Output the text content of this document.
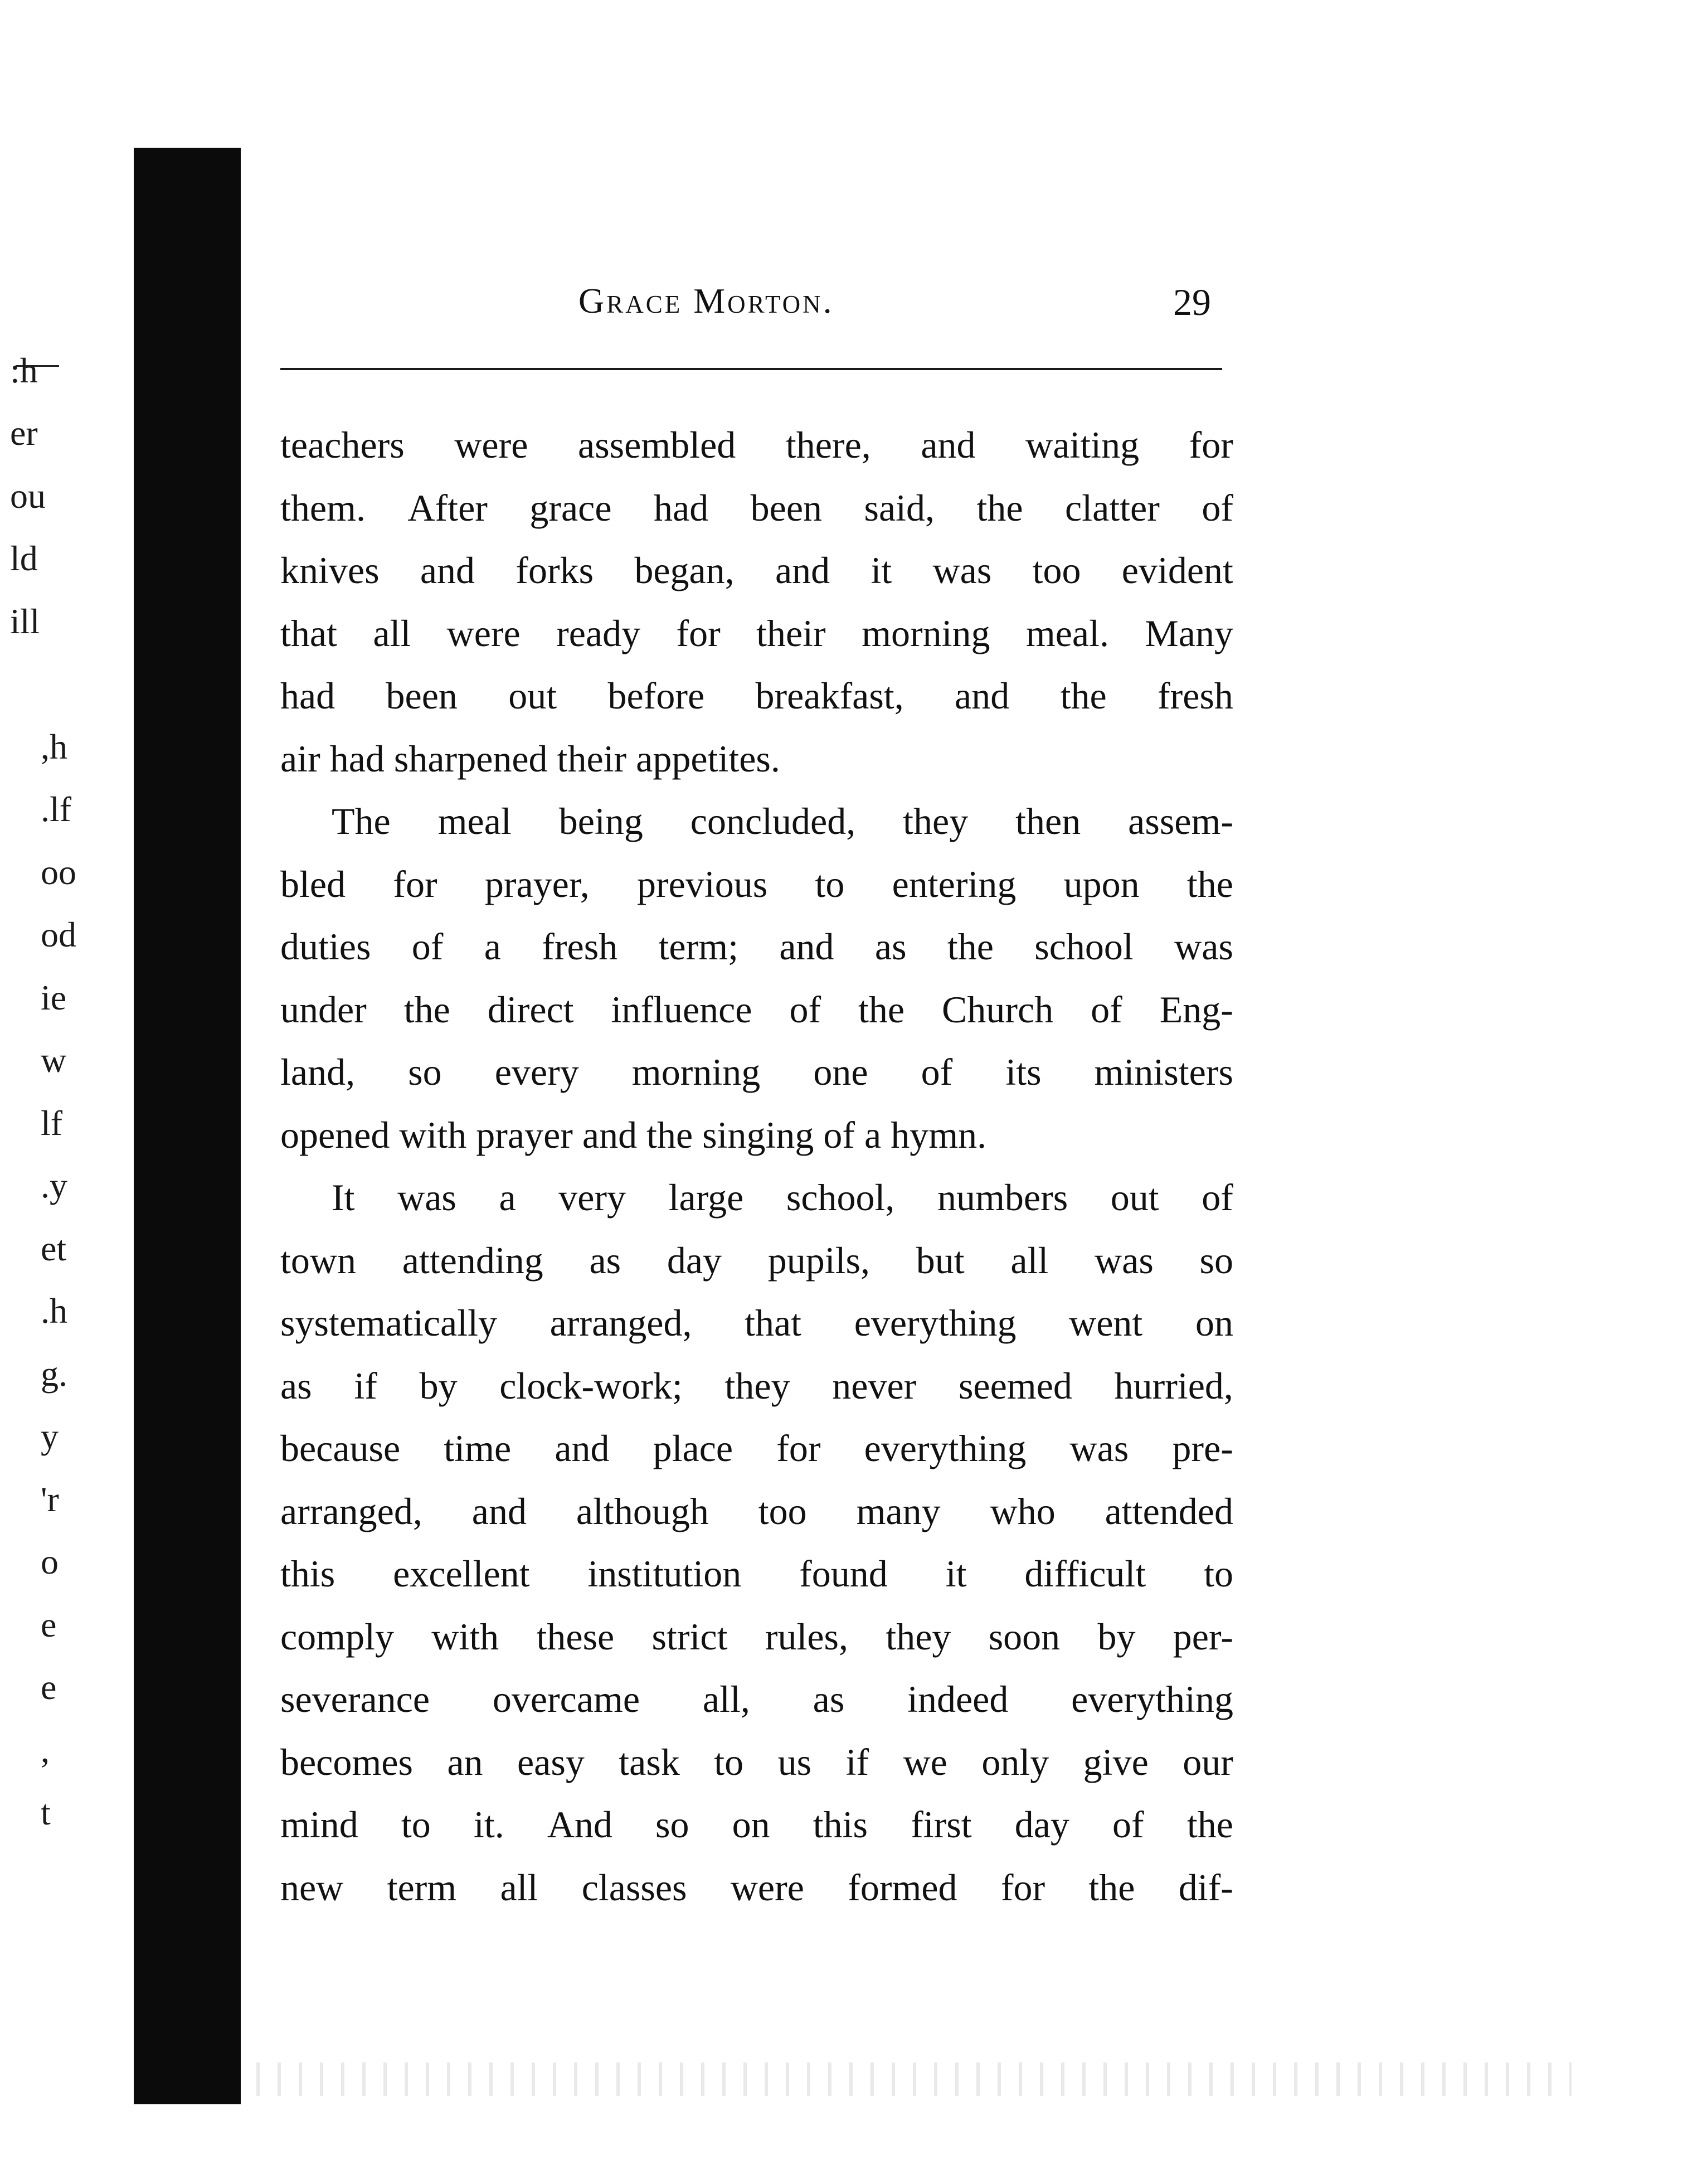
:h
er
ou
ld
ill
,h
.lf
oo
od
ie
w
lf
.y
et
.h
g.
y
'r
o
e
e
,
t
Grace Morton.	29
teachers were assembled there, and waiting for
them. After grace had been said, the clatter of
knives and forks began, and it was too evident
that all were ready for their morning meal. Many
had been out before breakfast, and the fresh
air had sharpened their appetites.
The meal being concluded, they then assem-
bled for prayer, previous to entering upon the
duties of a fresh term; and as the school was
under the direct influence of the Church of Eng-
land, so every morning one of its ministers
opened with prayer and the singing of a hymn.
It was a very large school, numbers out of
town attending as day pupils, but all was so
systematically arranged, that everything went on
as if by clock-work; they never seemed hurried,
because time and place for everything was pre-
arranged, and although too many who attended
this excellent institution found it difficult to
comply with these strict rules, they soon by per-
severance overcame all, as indeed everything
becomes an easy task to us if we only give our
mind to it. And so on this first day of the
new term all classes were formed for the dif-
